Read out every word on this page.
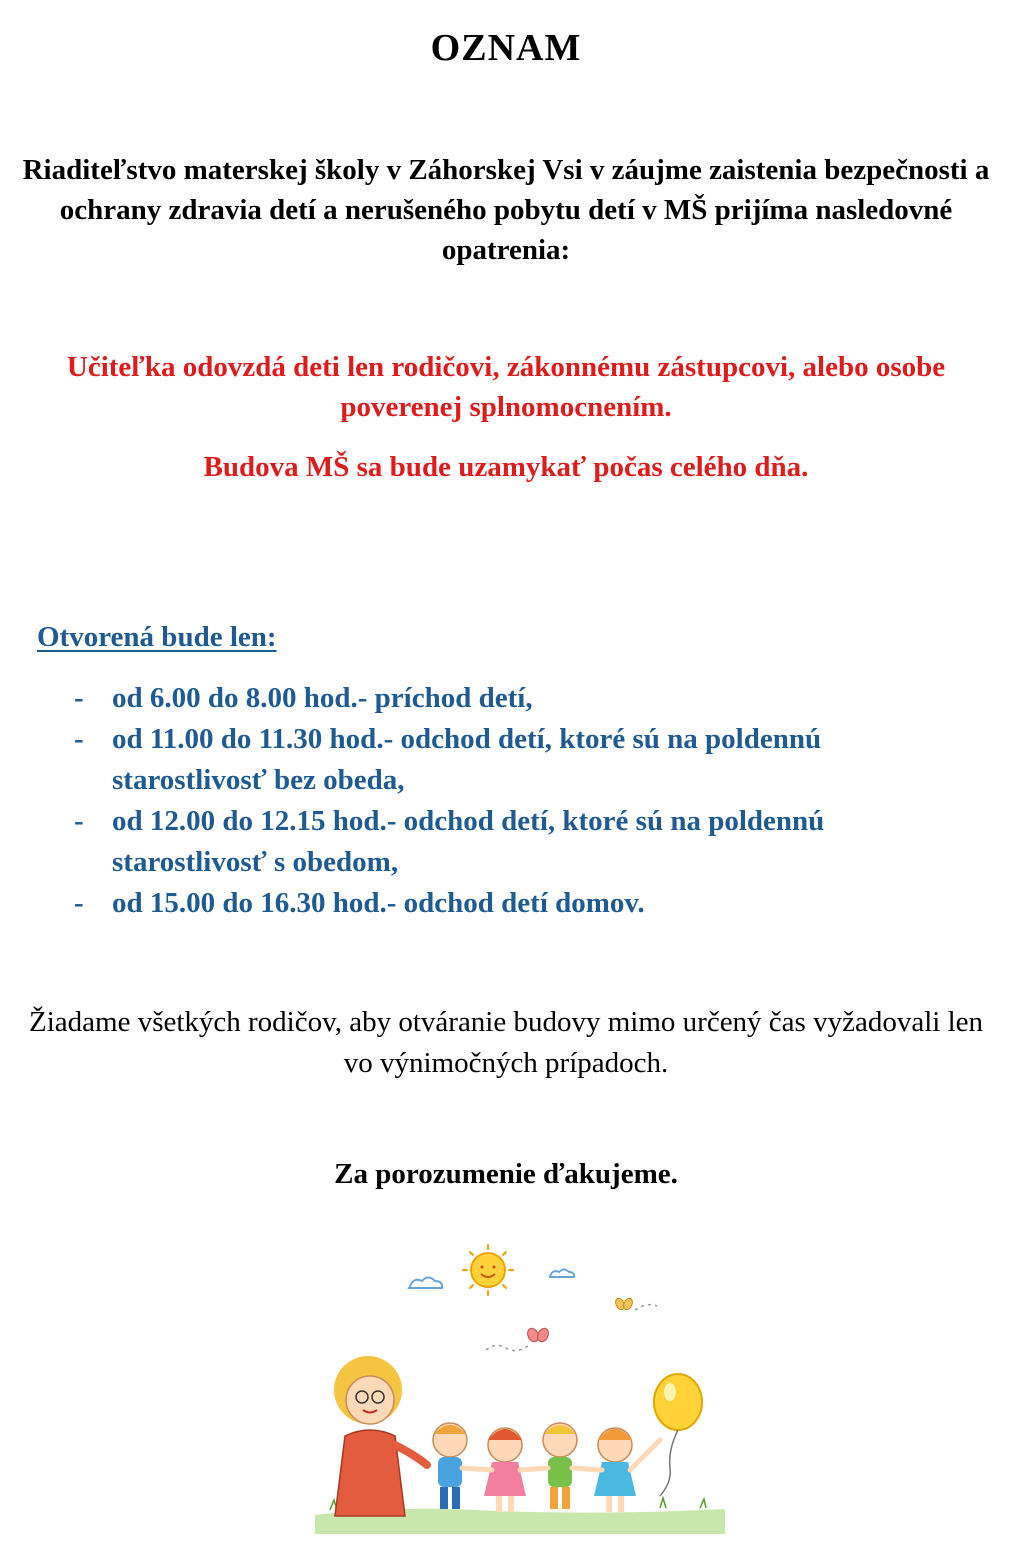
OZNAM
Riaditeľstvo materskej školy v Záhorskej Vsi v záujme zaistenia bezpečnosti a ochrany zdravia detí a nerušeného pobytu detí v MŠ prijíma nasledovné opatrenia:
Učiteľka odovzdá deti len rodičovi, zákonnému zástupcovi, alebo osobe poverenej splnomocnením.
Budova MŠ sa bude uzamykať počas celého dňa.
Otvorená bude len:
- od 6.00 do 8.00 hod.- príchod detí,
- od 11.00 do 11.30 hod.- odchod detí, ktoré sú na poldennú starostlivosť bez obeda,
- od 12.00 do 12.15 hod.- odchod detí, ktoré sú na poldennú starostlivosť s obedom,
- od 15.00 do 16.30 hod.- odchod detí domov.
Žiadame všetkých rodičov, aby otváranie budovy mimo určený čas vyžadovali len vo výnimočných prípadoch.
Za porozumenie ďakujeme.
